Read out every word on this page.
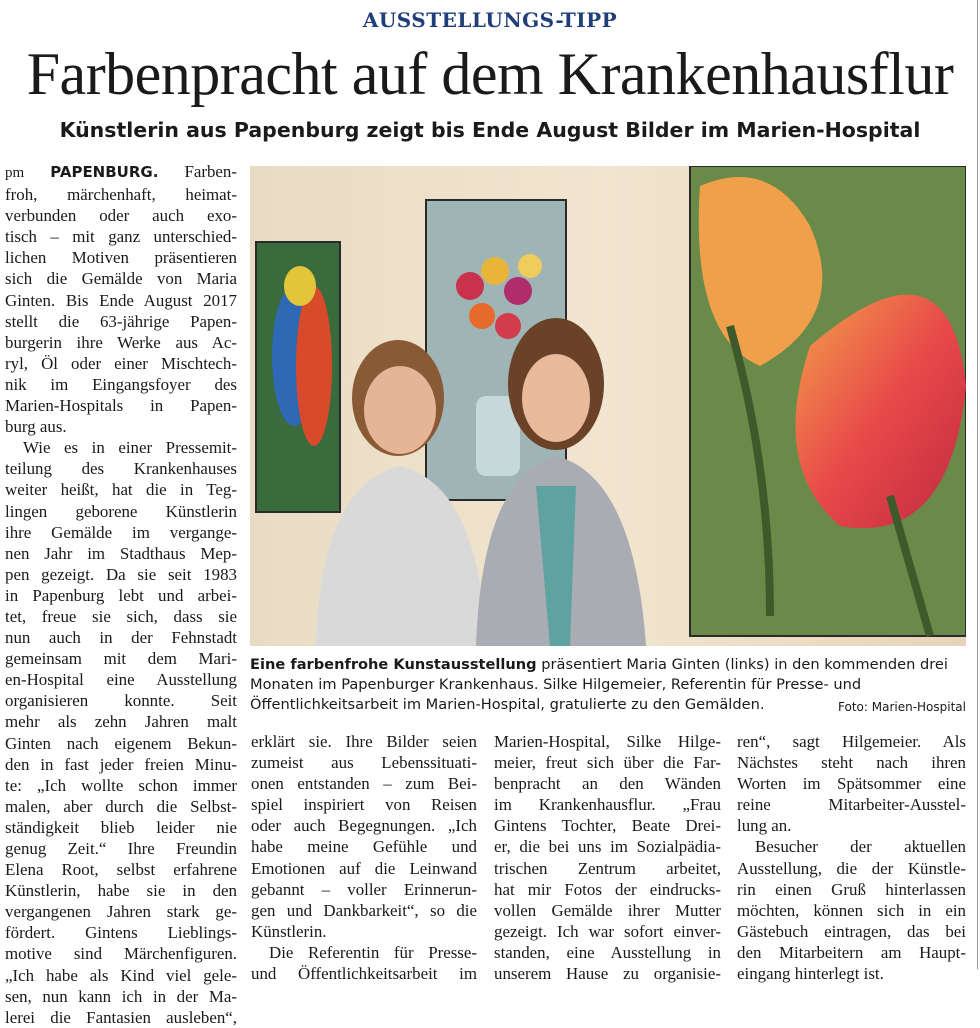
AUSSTELLUNGS-TIPP
Farbenpracht auf dem Krankenhausflur
Künstlerin aus Papenburg zeigt bis Ende August Bilder im Marien-Hospital
pm PAPENBURG. Farben-
froh, märchenhaft, heimat-
verbunden oder auch exo-
tisch – mit ganz unterschied-
lichen Motiven präsentieren
sich die Gemälde von Maria
Ginten. Bis Ende August 2017
stellt die 63-jährige Papen-
burgerin ihre Werke aus Ac-
ryl, Öl oder einer Mischtech-
nik im Eingangsfoyer des
Marien-Hospitals in Papen-
burg aus.
Wie es in einer Pressemit-
teilung des Krankenhauses
weiter heißt, hat die in Teg-
lingen geborene Künstlerin
ihre Gemälde im vergange-
nen Jahr im Stadthaus Mep-
pen gezeigt. Da sie seit 1983
in Papenburg lebt und arbei-
tet, freue sie sich, dass sie
nun auch in der Fehnstadt
gemeinsam mit dem Mari-
en-Hospital eine Ausstellung
organisieren konnte. Seit
mehr als zehn Jahren malt
Ginten nach eigenem Bekun-
den in fast jeder freien Minu-
te: „Ich wollte schon immer
malen, aber durch die Selbst-
ständigkeit blieb leider nie
genug Zeit.“ Ihre Freundin
Elena Root, selbst erfahrene
Künstlerin, habe sie in den
vergangenen Jahren stark ge-
fördert. Gintens Lieblings-
motive sind Märchenfiguren.
„Ich habe als Kind viel gele-
sen, nun kann ich in der Ma-
lerei die Fantasien ausleben“,
Eine farbenfrohe Kunstausstellung präsentiert Maria Ginten (links) in den kommenden drei Monaten im Papenburger Krankenhaus. Silke Hilgemeier, Referentin für Presse- und Öffentlichkeitsarbeit im Marien-Hospital, gratulierte zu den Gemälden.	Foto: Marien-Hospital
erklärt sie. Ihre Bilder seien
zumeist aus Lebenssituati-
onen entstanden – zum Bei-
spiel inspiriert von Reisen
oder auch Begegnungen. „Ich
habe meine Gefühle und
Emotionen auf die Leinwand
gebannt – voller Erinnerun-
gen und Dankbarkeit“, so die
Künstlerin.
Die Referentin für Presse-
und Öffentlichkeitsarbeit im
Marien-Hospital, Silke Hilge-
meier, freut sich über die Far-
benpracht an den Wänden
im Krankenhausflur. „Frau
Gintens Tochter, Beate Drei-
er, die bei uns im Sozialpädia-
trischen Zentrum arbeitet,
hat mir Fotos der eindrucks-
vollen Gemälde ihrer Mutter
gezeigt. Ich war sofort einver-
standen, eine Ausstellung in
unserem Hause zu organisie-
ren“, sagt Hilgemeier. Als
Nächstes steht nach ihren
Worten im Spätsommer eine
reine Mitarbeiter-Ausstel-
lung an.
Besucher der aktuellen
Ausstellung, die der Künstle-
rin einen Gruß hinterlassen
möchten, können sich in ein
Gästebuch eintragen, das bei
den Mitarbeitern am Haupt-
eingang hinterlegt ist.
